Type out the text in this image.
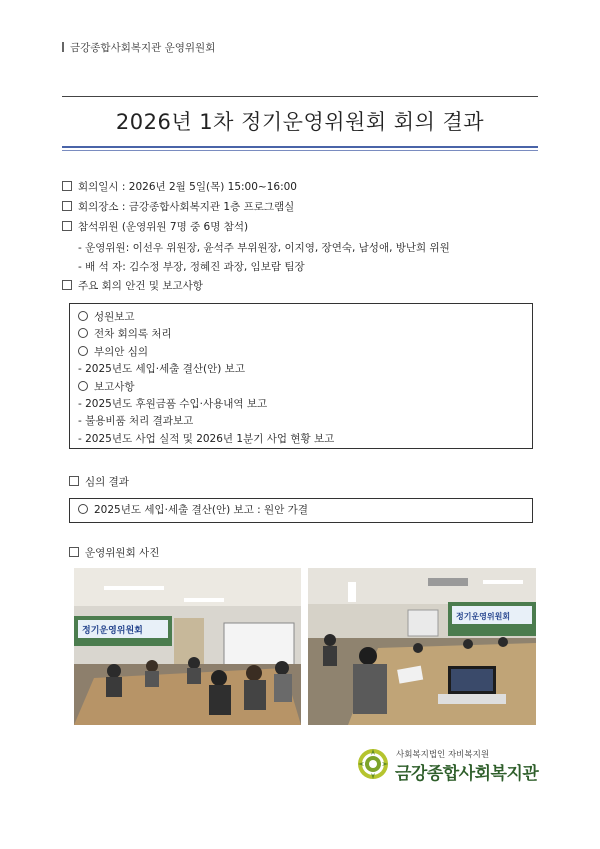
금강종합사회복지관 운영위원회
2026년 1차 정기운영위원회 회의 결과
회의일시 : 2026년 2월 5일(목) 15:00~16:00
회의장소 : 금강종합사회복지관 1층 프로그램실
참석위원 (운영위원 7명 중 6명 참석)
- 운영위원: 이선우 위원장, 윤석주 부위원장, 이지영, 장연숙, 남성애, 방난희 위원
- 배 석 자: 김수정 부장, 정혜진 과장, 임보람 팀장
주요 회의 안건 및 보고사항
성원보고
전차 회의록 처리
부의안 심의
- 2025년도 세입·세출 결산(안) 보고
보고사항
- 2025년도 후원금품 수입·사용내역 보고
- 불용비품 처리 결과보고
- 2025년도 사업 실적 및 2026년 1분기 사업 현황 보고
심의 결과
2025년도 세입·세출 결산(안) 보고 : 원안 가결
운영위원회 사진
정기운영위원회
정기운영위원회
사회복지법인 자비복지원
금강종합사회복지관
